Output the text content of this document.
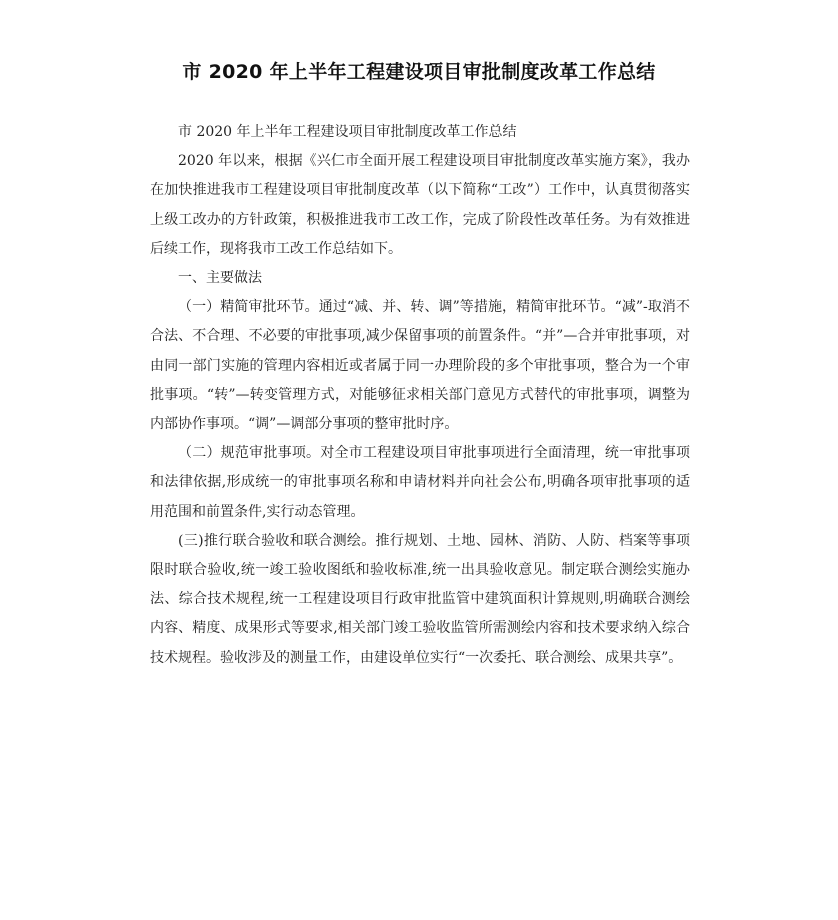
市 2020 年上半年工程建设项目审批制度改革工作总结

市 2020 年上半年工程建设项目审批制度改革工作总结

2020 年以来，根据《兴仁市全面开展工程建设项目审批制度改革实施方案》，我办在加快推进我市工程建设项目审批制度改革（以下简称“工改”）工作中，认真贯彻落实上级工改办的方针政策，积极推进我市工改工作，完成了阶段性改革任务。为有效推进后续工作，现将我市工改工作总结如下。

一、主要做法

（一）精简审批环节。通过“减、并、转、调”等措施，精简审批环节。“减”-取消不合法、不合理、不必要的审批事项,减少保留事项的前置条件。“并”—合并审批事项，对由同一部门实施的管理内容相近或者属于同一办理阶段的多个审批事项，整合为一个审批事项。“转”—转变管理方式，对能够征求相关部门意见方式替代的审批事项，调整为内部协作事项。“调”—调部分事项的整审批时序。

（二）规范审批事项。对全市工程建设项目审批事项进行全面清理，统一审批事项和法律依据,形成统一的审批事项名称和申请材料并向社会公布,明确各项审批事项的适用范围和前置条件,实行动态管理。

(三)推行联合验收和联合测绘。推行规划、土地、园林、消防、人防、档案等事项限时联合验收,统一竣工验收图纸和验收标准,统一出具验收意见。制定联合测绘实施办法、综合技术规程,统一工程建设项目行政审批监管中建筑面积计算规则,明确联合测绘内容、精度、成果形式等要求,相关部门竣工验收监管所需测绘内容和技术要求纳入综合技术规程。验收涉及的测量工作，由建设单位实行“一次委托、联合测绘、成果共享”。
